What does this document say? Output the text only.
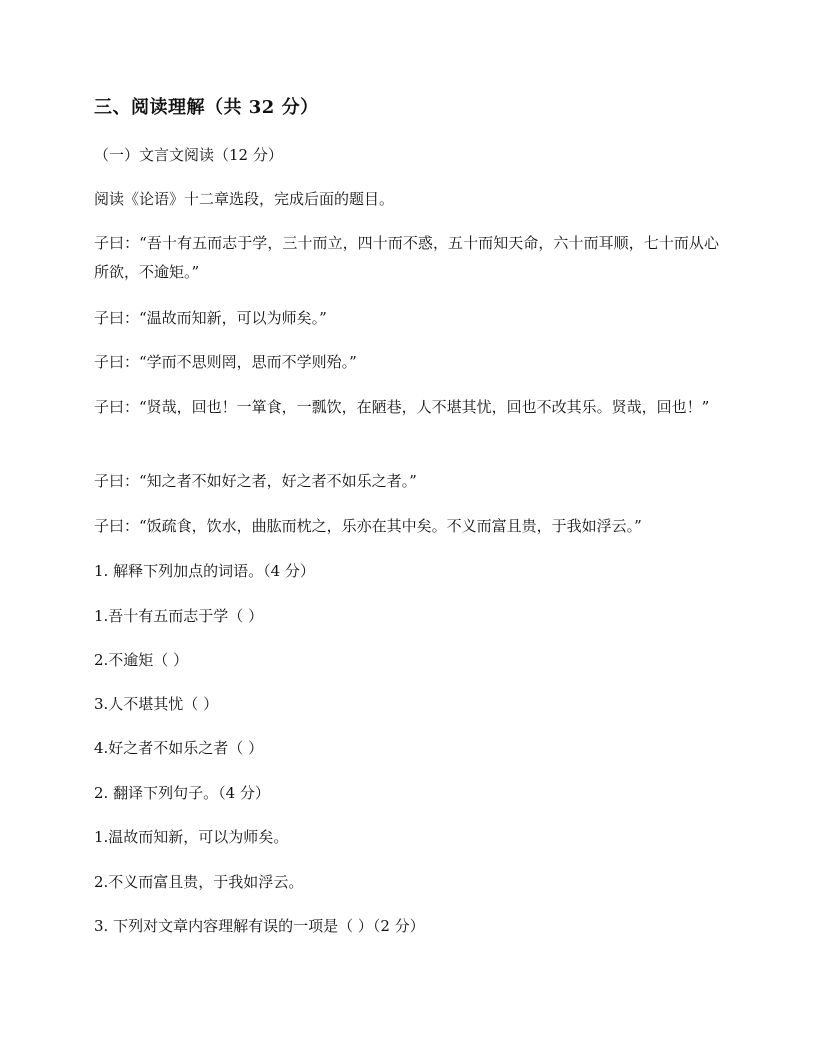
三、阅读理解（共 32 分）
（一）文言文阅读（12 分）
阅读《论语》十二章选段，完成后面的题目。
子曰：“吾十有五而志于学，三十而立，四十而不惑，五十而知天命，六十而耳顺，七十而从心所欲，不逾矩。”
子曰：“温故而知新，可以为师矣。”
子曰：“学而不思则罔，思而不学则殆。”
子曰：“贤哉，回也！一箪食，一瓢饮，在陋巷，人不堪其忧，回也不改其乐。贤哉，回也！”
子曰：“知之者不如好之者，好之者不如乐之者。”
子曰：“饭疏食，饮水，曲肱而枕之，乐亦在其中矣。不义而富且贵，于我如浮云。”
1. 解释下列加点的词语。（4 分）
1.吾十有五而志于学（ ）
2.不逾矩（ ）
3.人不堪其忧（ ）
4.好之者不如乐之者（ ）
2. 翻译下列句子。（4 分）
1.温故而知新，可以为师矣。
2.不义而富且贵，于我如浮云。
3. 下列对文章内容理解有误的一项是（ ）（2 分）
